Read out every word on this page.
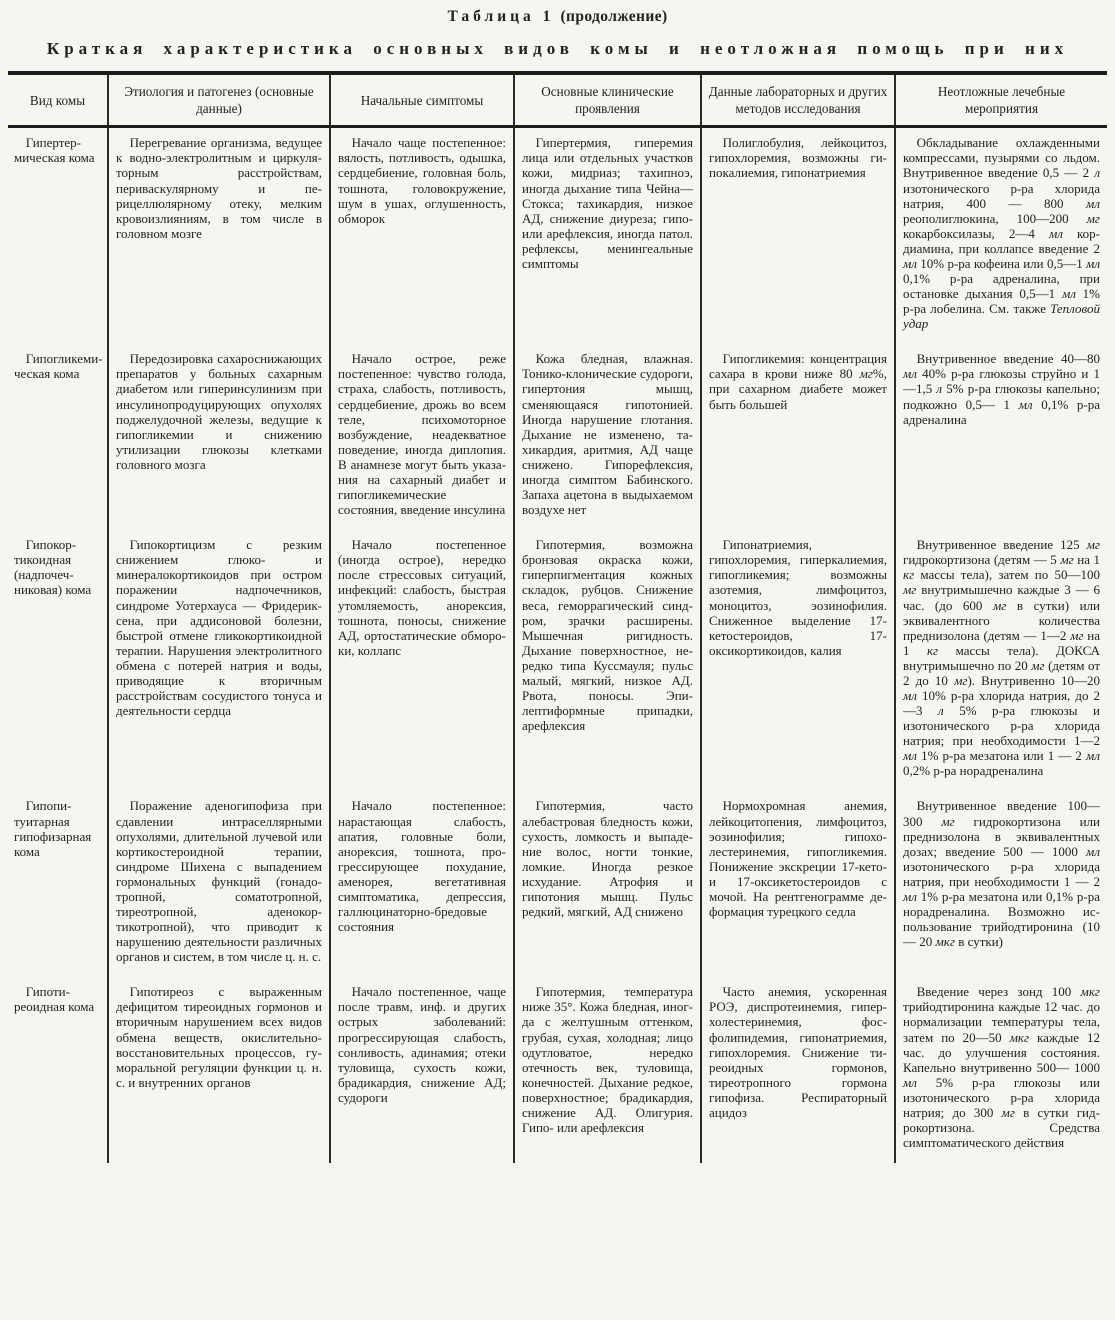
Таблица 1 (продолжение)
Краткая характеристика основных видов комы и неотложная помощь при них
Вид комы	Этиология и патогенез (основные данные)	Начальные симптомы	Основные клинические проявления	Данные лабораторных и других методов исследования	Неотложные лечебные мероприятия
Гипертермическая кома	Перегревание организма, ведущее к водно-электролитным и циркуляторным расстройствам, периваскулярному и перицеллюлярному отеку, мелким кровоизлияниям, в том числе в головном мозге	Начало чаще постепенное: вялость, потливость, одышка, сердцебиение, головная боль, тошнота, головокружение, шум в ушах, оглушенность, обморок	Гипертермия, гиперемия лица или отдельных участков кожи, мидриаз; тахипноэ, иногда дыхание типа Чейна—Стокса; тахикардия, низкое АД, снижение диуреза; гипо- или арефлексия, иногда патол. рефлексы, менингеальные симптомы	Полиглобулия, лейкоцитоз, гипохлоремия, возможны гипокалиемия, гипонатриемия	Обкладывание охлажденными компрессами, пузырями со льдом. Внутривенное введение 0,5 — 2 л изотонического р-ра хлорида натрия, 400 — 800 мл реополиглюкина, 100—200 мг кокарбоксилазы, 2—4 мл кордиамина, при коллапсе введение 2 мл 10% р-ра кофеина или 0,5—1 мл 0,1% р-ра адреналина, при остановке дыхания 0,5—1 мл 1% р-ра лобелина. См. также Тепловой удар
Гипогликемическая кома	Передозировка сахароснижающих препаратов у больных сахарным диабетом или гиперинсулинизм при инсулинопродуцирующих опухолях поджелудочной железы, ведущие к гипогликемии и снижению утилизации глюкозы клетками головного мозга	Начало острое, реже постепенное: чувство голода, страха, слабость, потливость, сердцебиение, дрожь во всем теле, психомоторное возбуждение, неадекватное поведение, иногда диплопия. В анамнезе могут быть указания на сахарный диабет и гипогликемические состояния, введение инсулина	Кожа бледная, влажная. Тонико-клонические судороги, гипертония мышц, сменяющаяся гипотонией. Иногда нарушение глотания. Дыхание не изменено, тахикардия, аритмия, АД чаще снижено. Гипорефлексия, иногда симптом Бабинского. Запаха ацетона в выдыхаемом воздухе нет	Гипогликемия: концентрация сахара в крови ниже 80 мг%, при сахарном диабете может быть большей	Внутривенное введение 40—80 мл 40% р-ра глюкозы струйно и 1—1,5 л 5% р-ра глюкозы капельно; подкожно 0,5— 1 мл 0,1% р-ра адреналина
Гипокортикоидная (надпочечниковая) кома	Гипокортицизм с резким снижением глюко- и минералокортикоидов при остром поражении надпочечников, синдроме Уотерхауса — Фридериксена, при аддисоновой болезни, быстрой отмене гликокортикоидной терапии. Нарушения электролитного обмена с потерей натрия и воды, приводящие к вторичным расстройствам сосудистого тонуса и деятельности сердца	Начало постепенное (иногда острое), нередко после стрессовых ситуаций, инфекций: слабость, быстрая утомляемость, анорексия, тошнота, поносы, снижение АД, ортостатические обмороки, коллапс	Гипотермия, возможна бронзовая окраска кожи, гиперпигментация кожных складок, рубцов. Снижение веса, геморрагический синдром, зрачки расширены. Мышечная ригидность. Дыхание поверхностное, нередко типа Куссмауля; пульс малый, мягкий, низкое АД. Рвота, поносы. Эпилептиформные припадки, арефлексия	Гипонатриемия, гипохлоремия, гиперкалиемия, гипогликемия; возможны азотемия, лимфоцитоз, моноцитоз, эозинофилия. Сниженное выделение 17-кетостероидов, 17-оксикортикоидов, калия	Внутривенное введение 125 мг гидрокортизона (детям — 5 мг на 1 кг массы тела), затем по 50—100 мг внутримышечно каждые 3 — 6 час. (до 600 мг в сутки) или эквивалентного количества преднизолона (детям — 1—2 мг на 1 кг массы тела). ДОКСА внутримышечно по 20 мг (детям от 2 до 10 мг). Внутривенно 10—20 мл 10% р-ра хлорида натрия, до 2—3 л 5% р-ра глюкозы и изотонического р-ра хлорида натрия; при необходимости 1—2 мл 1% р-ра мезатона или 1 — 2 мл 0,2% р-ра норадреналина
Гипопитуитарная гипофизарная кома	Поражение аденогипофиза при сдавлении интраселлярными опухолями, длительной лучевой или кортикостероидной терапии, синдроме Шихена с выпадением гормональных функций (гонадотропной, соматотропной, тиреотропной, аденокортикотропной), что приводит к нарушению деятельности различных органов и систем, в том числе ц. н. с.	Начало постепенное: нарастающая слабость, апатия, головные боли, анорексия, тошнота, прогрессирующее похудание, аменорея, вегетативная симптоматика, депрессия, галлюцинаторно-бредовые состояния	Гипотермия, часто алебастровая бледность кожи, сухость, ломкость и выпадение волос, ногти тонкие, ломкие. Иногда резкое исхудание. Атрофия и гипотония мышц. Пульс редкий, мягкий, АД снижено	Нормохромная анемия, лейкоцитопения, лимфоцитоз, эозинофилия; гипохолестеринемия, гипогликемия. Понижение экскреции 17-кето- и 17-оксикетостероидов с мочой. На рентгенограмме деформация турецкого седла	Внутривенное введение 100—300 мг гидрокортизона или преднизолона в эквивалентных дозах; введение 500 — 1000 мл изотонического р-ра хлорида натрия, при необходимости 1 — 2 мл 1% р-ра мезатона или 0,1% р-ра норадреналина. Возможно использование трийодтиронина (10 — 20 мкг в сутки)
Гипотиреоидная кома	Гипотиреоз с выраженным дефицитом тиреоидных гормонов и вторичным нарушением всех видов обмена веществ, окислительно-восстановительных процессов, гуморальной регуляции функции ц. н. с. и внутренних органов	Начало постепенное, чаще после травм, инф. и других острых заболеваний: прогрессирующая слабость, сонливость, адинамия; отеки туловища, сухость кожи, брадикардия, снижение АД; судороги	Гипотермия, температура ниже 35°. Кожа бледная, иногда с желтушным оттенком, грубая, сухая, холодная; лицо одутловатое, нередко отечность век, туловища, конечностей. Дыхание редкое, поверхностное; брадикардия, снижение АД. Олигурия. Гипо- или арефлексия	Часто анемия, ускоренная РОЭ, диспротеинемия, гиперхолестеринемия, фосфолипидемия, гипонатриемия, гипохлоремия. Снижение тиреоидных гормонов, тиреотропного гормона гипофиза. Респираторный ацидоз	Введение через зонд 100 мкг трийодтиронина каждые 12 час. до нормализации температуры тела, затем по 20—50 мкг каждые 12 час. до улучшения состояния. Капельно внутривенно 500— 1000 мл 5% р-ра глюкозы или изотонического р-ра хлорида натрия; до 300 мг в сутки гидрокортизона. Средства симптоматического действия
